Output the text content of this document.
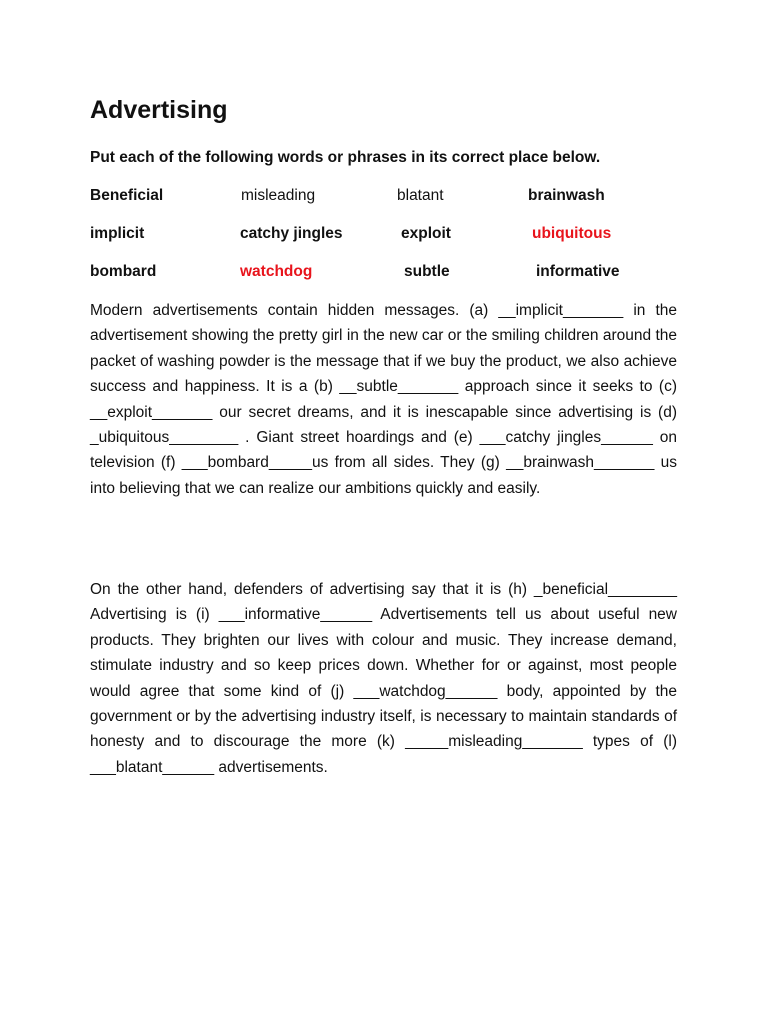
Advertising

Put each of the following words or phrases in its correct place below.

Beneficial	misleading	blatant	brainwash
implicit	catchy jingles	exploit	ubiquitous
bombard	watchdog	subtle	informative

Modern advertisements contain hidden messages. (a) __implicit_______ in the advertisement showing the pretty girl in the new car or the smiling children around the packet of washing powder is the message that if we buy the product, we also achieve success and happiness. It is a (b) __subtle_______ approach since it seeks to (c) __exploit_______ our secret dreams, and it is inescapable since advertising is (d) _ubiquitous________ . Giant street hoardings and (e) ___catchy jingles______ on television (f) ___bombard_____us from all sides. They (g) __brainwash_______ us into believing that we can realize our ambitions quickly and easily.

On the other hand, defenders of advertising say that it is (h) _beneficial________ Advertising is (i) ___informative______ Advertisements tell us about useful new products. They brighten our lives with colour and music. They increase demand, stimulate industry and so keep prices down. Whether for or against, most people would agree that some kind of (j) ___watchdog______ body, appointed by the government or by the advertising industry itself, is necessary to maintain standards of honesty and to discourage the more (k) _____misleading_______ types of (l) ___blatant______ advertisements.
